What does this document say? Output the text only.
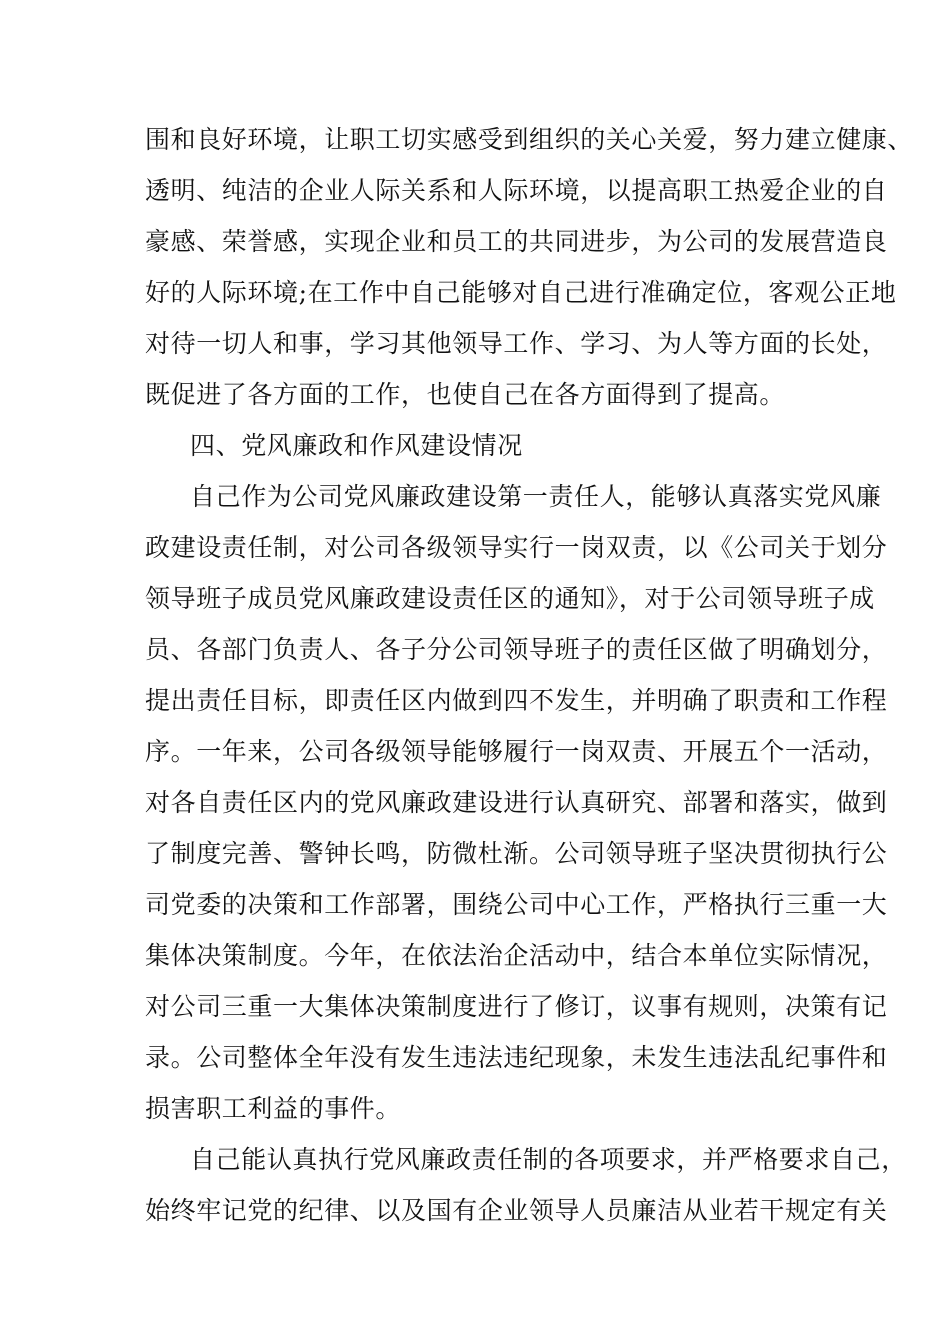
围和良好环境，让职工切实感受到组织的关心关爱，努力建立健康、
透明、纯洁的企业人际关系和人际环境，以提高职工热爱企业的自
豪感、荣誉感，实现企业和员工的共同进步，为公司的发展营造良
好的人际环境;在工作中自己能够对自己进行准确定位，客观公正地
对待一切人和事，学习其他领导工作、学习、为人等方面的长处，
既促进了各方面的工作，也使自己在各方面得到了提高。
四、党风廉政和作风建设情况
自己作为公司党风廉政建设第一责任人，能够认真落实党风廉
政建设责任制，对公司各级领导实行一岗双责，以《公司关于划分
领导班子成员党风廉政建设责任区的通知》，对于公司领导班子成
员、各部门负责人、各子分公司领导班子的责任区做了明确划分，
提出责任目标，即责任区内做到四不发生，并明确了职责和工作程
序。一年来，公司各级领导能够履行一岗双责、开展五个一活动，
对各自责任区内的党风廉政建设进行认真研究、部署和落实，做到
了制度完善、警钟长鸣，防微杜渐。公司领导班子坚决贯彻执行公
司党委的决策和工作部署，围绕公司中心工作，严格执行三重一大
集体决策制度。今年，在依法治企活动中，结合本单位实际情况，
对公司三重一大集体决策制度进行了修订，议事有规则，决策有记
录。公司整体全年没有发生违法违纪现象，未发生违法乱纪事件和
损害职工利益的事件。
自己能认真执行党风廉政责任制的各项要求，并严格要求自己，
始终牢记党的纪律、以及国有企业领导人员廉洁从业若干规定有关
